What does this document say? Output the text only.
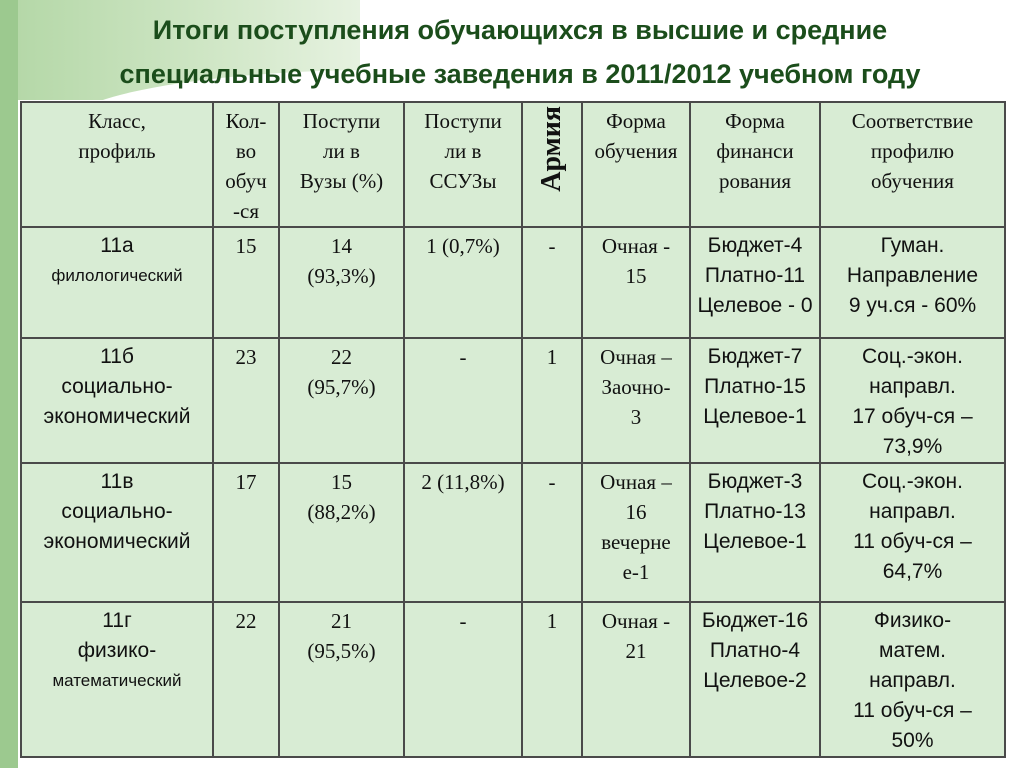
Итоги поступления обучающихся в высшие и средние
специальные учебные заведения в 2011/2012 учебном году
Класс,
профиль	Кол-
во
обуч
-ся	Поступи
ли в
Вузы (%)	Поступи
ли в
ССУЗы	Армия	Форма
обучения	Форма
финанси
рования	Соответствие
профилю
обучения

11а
филологический	15	14
(93,3%)	1 (0,7%)	-	Очная -
15	Бюджет-4
Платно-11
Целевое - 0	Гуман.
Направление
9 уч.ся - 60%

11б
социально-
экономический	23	22
(95,7%)	-	1	Очная –
Заочно-
3	Бюджет-7
Платно-15
Целевое-1	Соц.-экон.
направл.
17 обуч-ся –
73,9%

11в
социально-
экономический	17	15
(88,2%)	2 (11,8%)	-	Очная –
16
вечерне
е-1	Бюджет-3
Платно-13
Целевое-1	Соц.-экон.
направл.
11 обуч-ся –
64,7%

11г
физико-
математический	22	21
(95,5%)	-	1	Очная -
21	Бюджет-16
Платно-4
Целевое-2	Физико-
матем.
направл.
11 обуч-ся –
50%
